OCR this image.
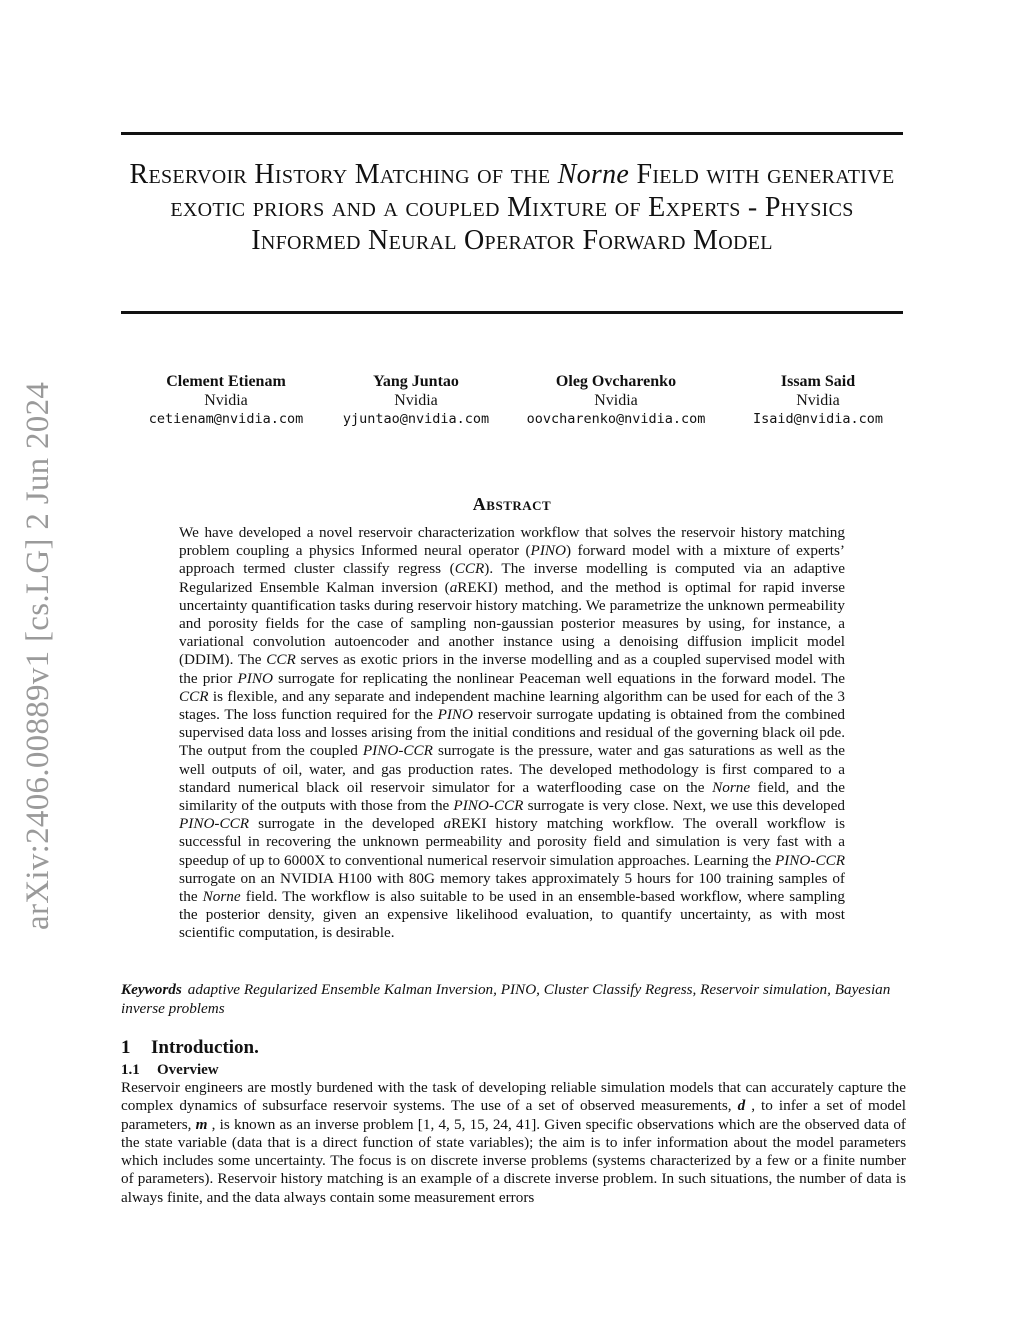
arXiv:2406.00889v1 [cs.LG] 2 Jun 2024
Reservoir History Matching of the Norne Field with generative exotic priors and a coupled Mixture of Experts - Physics Informed Neural Operator Forward Model
Clement Etienam
Nvidia
cetienam@nvidia.com
Yang Juntao
Nvidia
yjuntao@nvidia.com
Oleg Ovcharenko
Nvidia
oovcharenko@nvidia.com
Issam Said
Nvidia
Isaid@nvidia.com
Abstract

We have developed a novel reservoir characterization workflow that solves the reservoir history matching problem coupling a physics Informed neural operator (PINO) forward model with a mixture of experts’ approach termed cluster classify regress (CCR). The inverse modelling is computed via an adaptive Regularized Ensemble Kalman inversion (aREKI) method, and the method is optimal for rapid inverse uncertainty quantification tasks during reservoir history matching. We parametrize the unknown permeability and porosity fields for the case of sampling non-gaussian posterior measures by using, for instance, a variational convolution autoencoder and another instance using a denoising diffusion implicit model (DDIM). The CCR serves as exotic priors in the inverse modelling and as a coupled supervised model with the prior PINO surrogate for replicating the nonlinear Peaceman well equations in the forward model. The CCR is flexible, and any separate and independent machine learning algorithm can be used for each of the 3 stages. The loss function required for the PINO reservoir surrogate updating is obtained from the combined supervised data loss and losses arising from the initial conditions and residual of the governing black oil pde. The output from the coupled PINO-CCR surrogate is the pressure, water and gas saturations as well as the well outputs of oil, water, and gas production rates. The developed methodology is first compared to a standard numerical black oil reservoir simulator for a waterflooding case on the Norne field, and the similarity of the outputs with those from the PINO-CCR surrogate is very close. Next, we use this developed PINO-CCR surrogate in the developed aREKI history matching workflow. The overall workflow is successful in recovering the unknown permeability and porosity field and simulation is very fast with a speedup of up to 6000X to conventional numerical reservoir simulation approaches. Learning the PINO-CCR surrogate on an NVIDIA H100 with 80G memory takes approximately 5 hours for 100 training samples of the Norne field. The workflow is also suitable to be used in an ensemble-based workflow, where sampling the posterior density, given an expensive likelihood evaluation, to quantify uncertainty, as with most scientific computation, is desirable.

Keywords adaptive Regularized Ensemble Kalman Inversion, PINO, Cluster Classify Regress, Reservoir simulation, Bayesian inverse problems
1 Introduction.
1.1 Overview

Reservoir engineers are mostly burdened with the task of developing reliable simulation models that can accurately capture the complex dynamics of subsurface reservoir systems. The use of a set of observed measurements, d , to infer a set of model parameters, m , is known as an inverse problem [1, 4, 5, 15, 24, 41]. Given specific observations which are the observed data of the state variable (data that is a direct function of state variables); the aim is to infer information about the model parameters which includes some uncertainty. The focus is on discrete inverse problems (systems characterized by a few or a finite number of parameters). Reservoir history matching is an example of a discrete inverse problem. In such situations, the number of data is always finite, and the data always contain some measurement errors
